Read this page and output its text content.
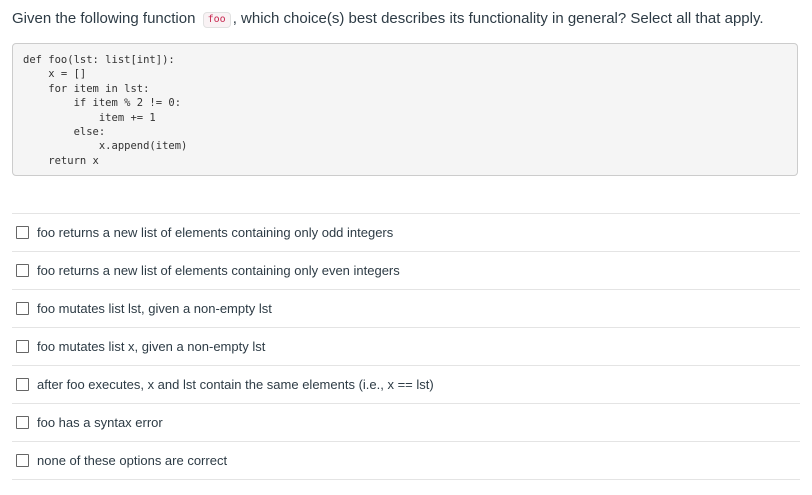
Given the following function foo , which choice(s) best describes its functionality in general? Select all that apply.
def foo(lst: list[int]):
x = []
for item in lst:
if item % 2 != 0:
item += 1
else:
x.append(item)
return x
foo returns a new list of elements containing only odd integers
foo returns a new list of elements containing only even integers
foo mutates list lst, given a non-empty lst
foo mutates list x, given a non-empty lst
after foo executes, x and lst contain the same elements (i.e., x == lst)
foo has a syntax error
none of these options are correct
